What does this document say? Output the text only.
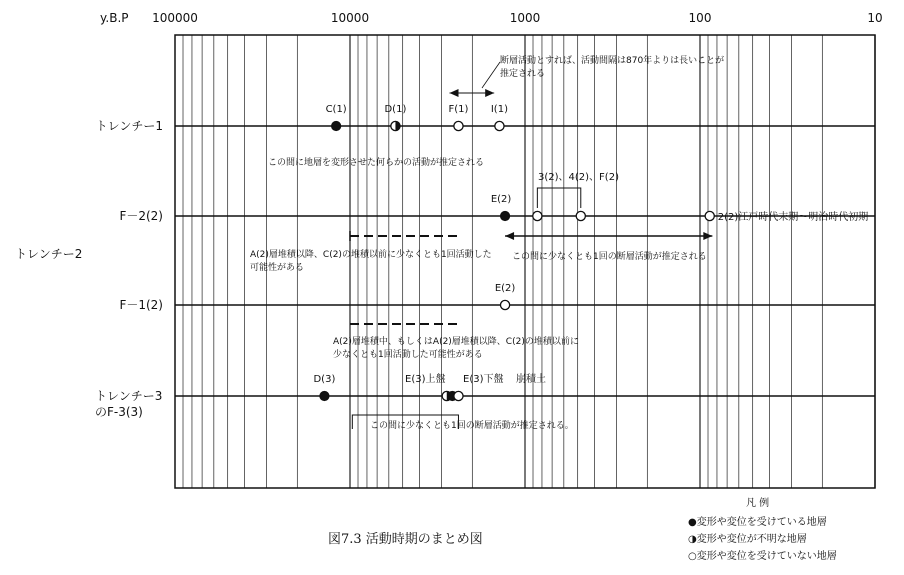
y.B.P 100000	10000	1000	100	10
トレンチー1
F－2(2)
F－1(2)
トレンチー3
のF-3(3)
トレンチー2
C(1)	D(1)	F(1) I(1)
E(2)
2(2)江戸時代末期～明治時代初期
E(2)
D(3)
3(2)、4(2)、F(2)
E(3)上盤 E(3)下盤 崩積土
断層活動とすれば、活動間隔は870年よりは長いことが
推定される
この間に地層を変形させた何らかの活動が推定される
A(2)層堆積以降、C(2)の堆積以前に少なくとも1回活動した
可能性がある
この間に少なくとも1回の断層活動が推定される
A(2)層堆積中、もしくはA(2)層堆積以降、C(2)の堆積以前に
少なくとも1回活動した可能性がある
この間に少なくとも1回の断層活動が推定される。
図7.3 活動時期のまとめ図
凡 例
●変形や変位を受けている地層
◑変形や変位が不明な地層
○変形や変位を受けていない地層
